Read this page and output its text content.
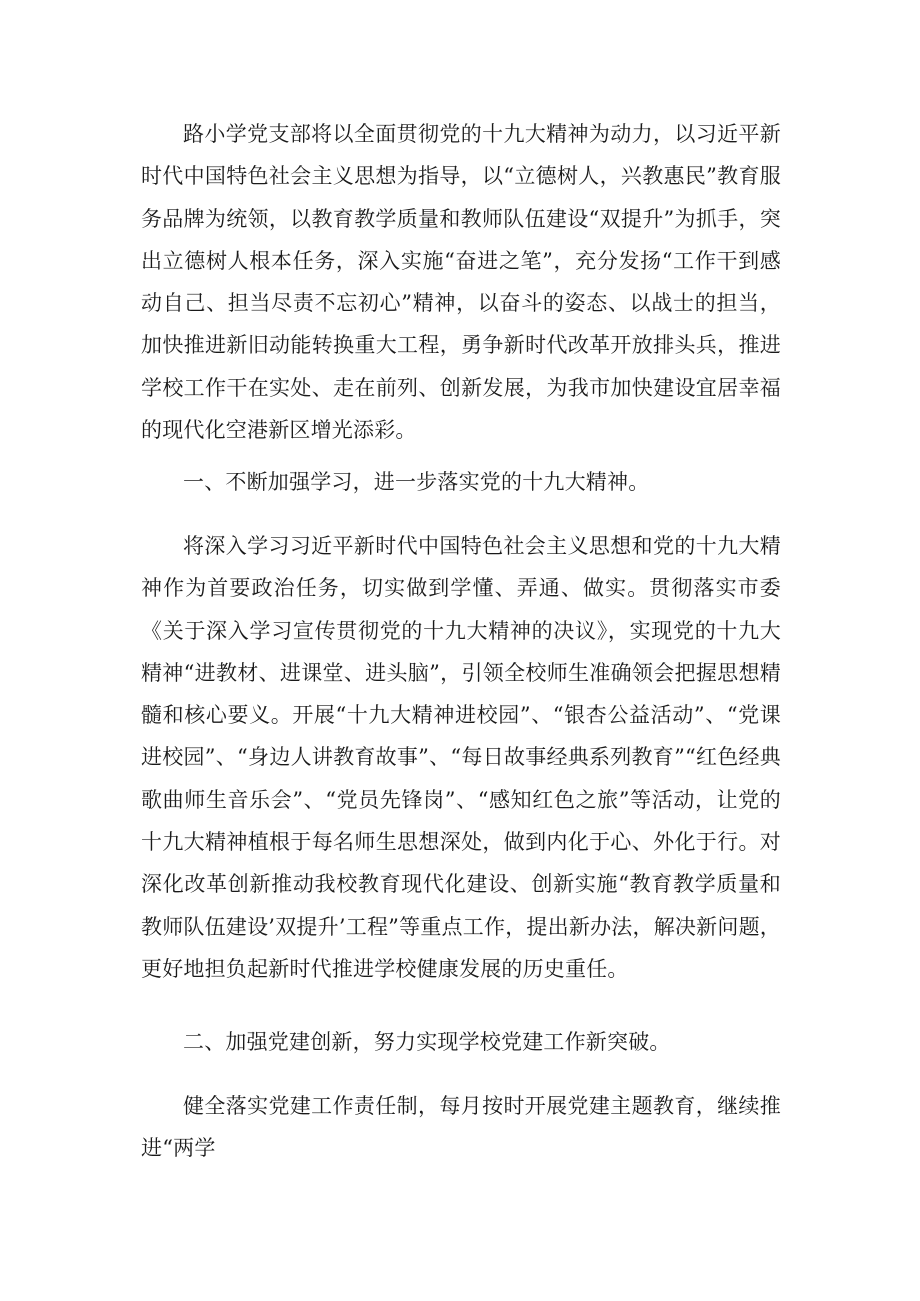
路小学党支部将以全面贯彻党的十九大精神为动力，以习近平新时代中国特色社会主义思想为指导，以“立德树人，兴教惠民”教育服务品牌为统领，以教育教学质量和教师队伍建设“双提升”为抓手，突出立德树人根本任务，深入实施“奋进之笔”，充分发扬“工作干到感动自己、担当尽责不忘初心”精神，以奋斗的姿态、以战士的担当，加快推进新旧动能转换重大工程，勇争新时代改革开放排头兵，推进学校工作干在实处、走在前列、创新发展，为我市加快建设宜居幸福的现代化空港新区增光添彩。

一、不断加强学习，进一步落实党的十九大精神。

将深入学习习近平新时代中国特色社会主义思想和党的十九大精神作为首要政治任务，切实做到学懂、弄通、做实。贯彻落实市委《关于深入学习宣传贯彻党的十九大精神的决议》，实现党的十九大精神“进教材、进课堂、进头脑”，引领全校师生准确领会把握思想精髓和核心要义。开展“十九大精神进校园”、“银杏公益活动”、“党课进校园”、“身边人讲教育故事”、“每日故事经典系列教育”“红色经典歌曲师生音乐会”、“党员先锋岗”、“感知红色之旅”等活动，让党的十九大精神植根于每名师生思想深处，做到内化于心、外化于行。对深化改革创新推动我校教育现代化建设、创新实施“教育教学质量和教师队伍建设’双提升’工程”等重点工作，提出新办法，解决新问题，更好地担负起新时代推进学校健康发展的历史重任。

二、加强党建创新，努力实现学校党建工作新突破。

健全落实党建工作责任制，每月按时开展党建主题教育，继续推进“两学
